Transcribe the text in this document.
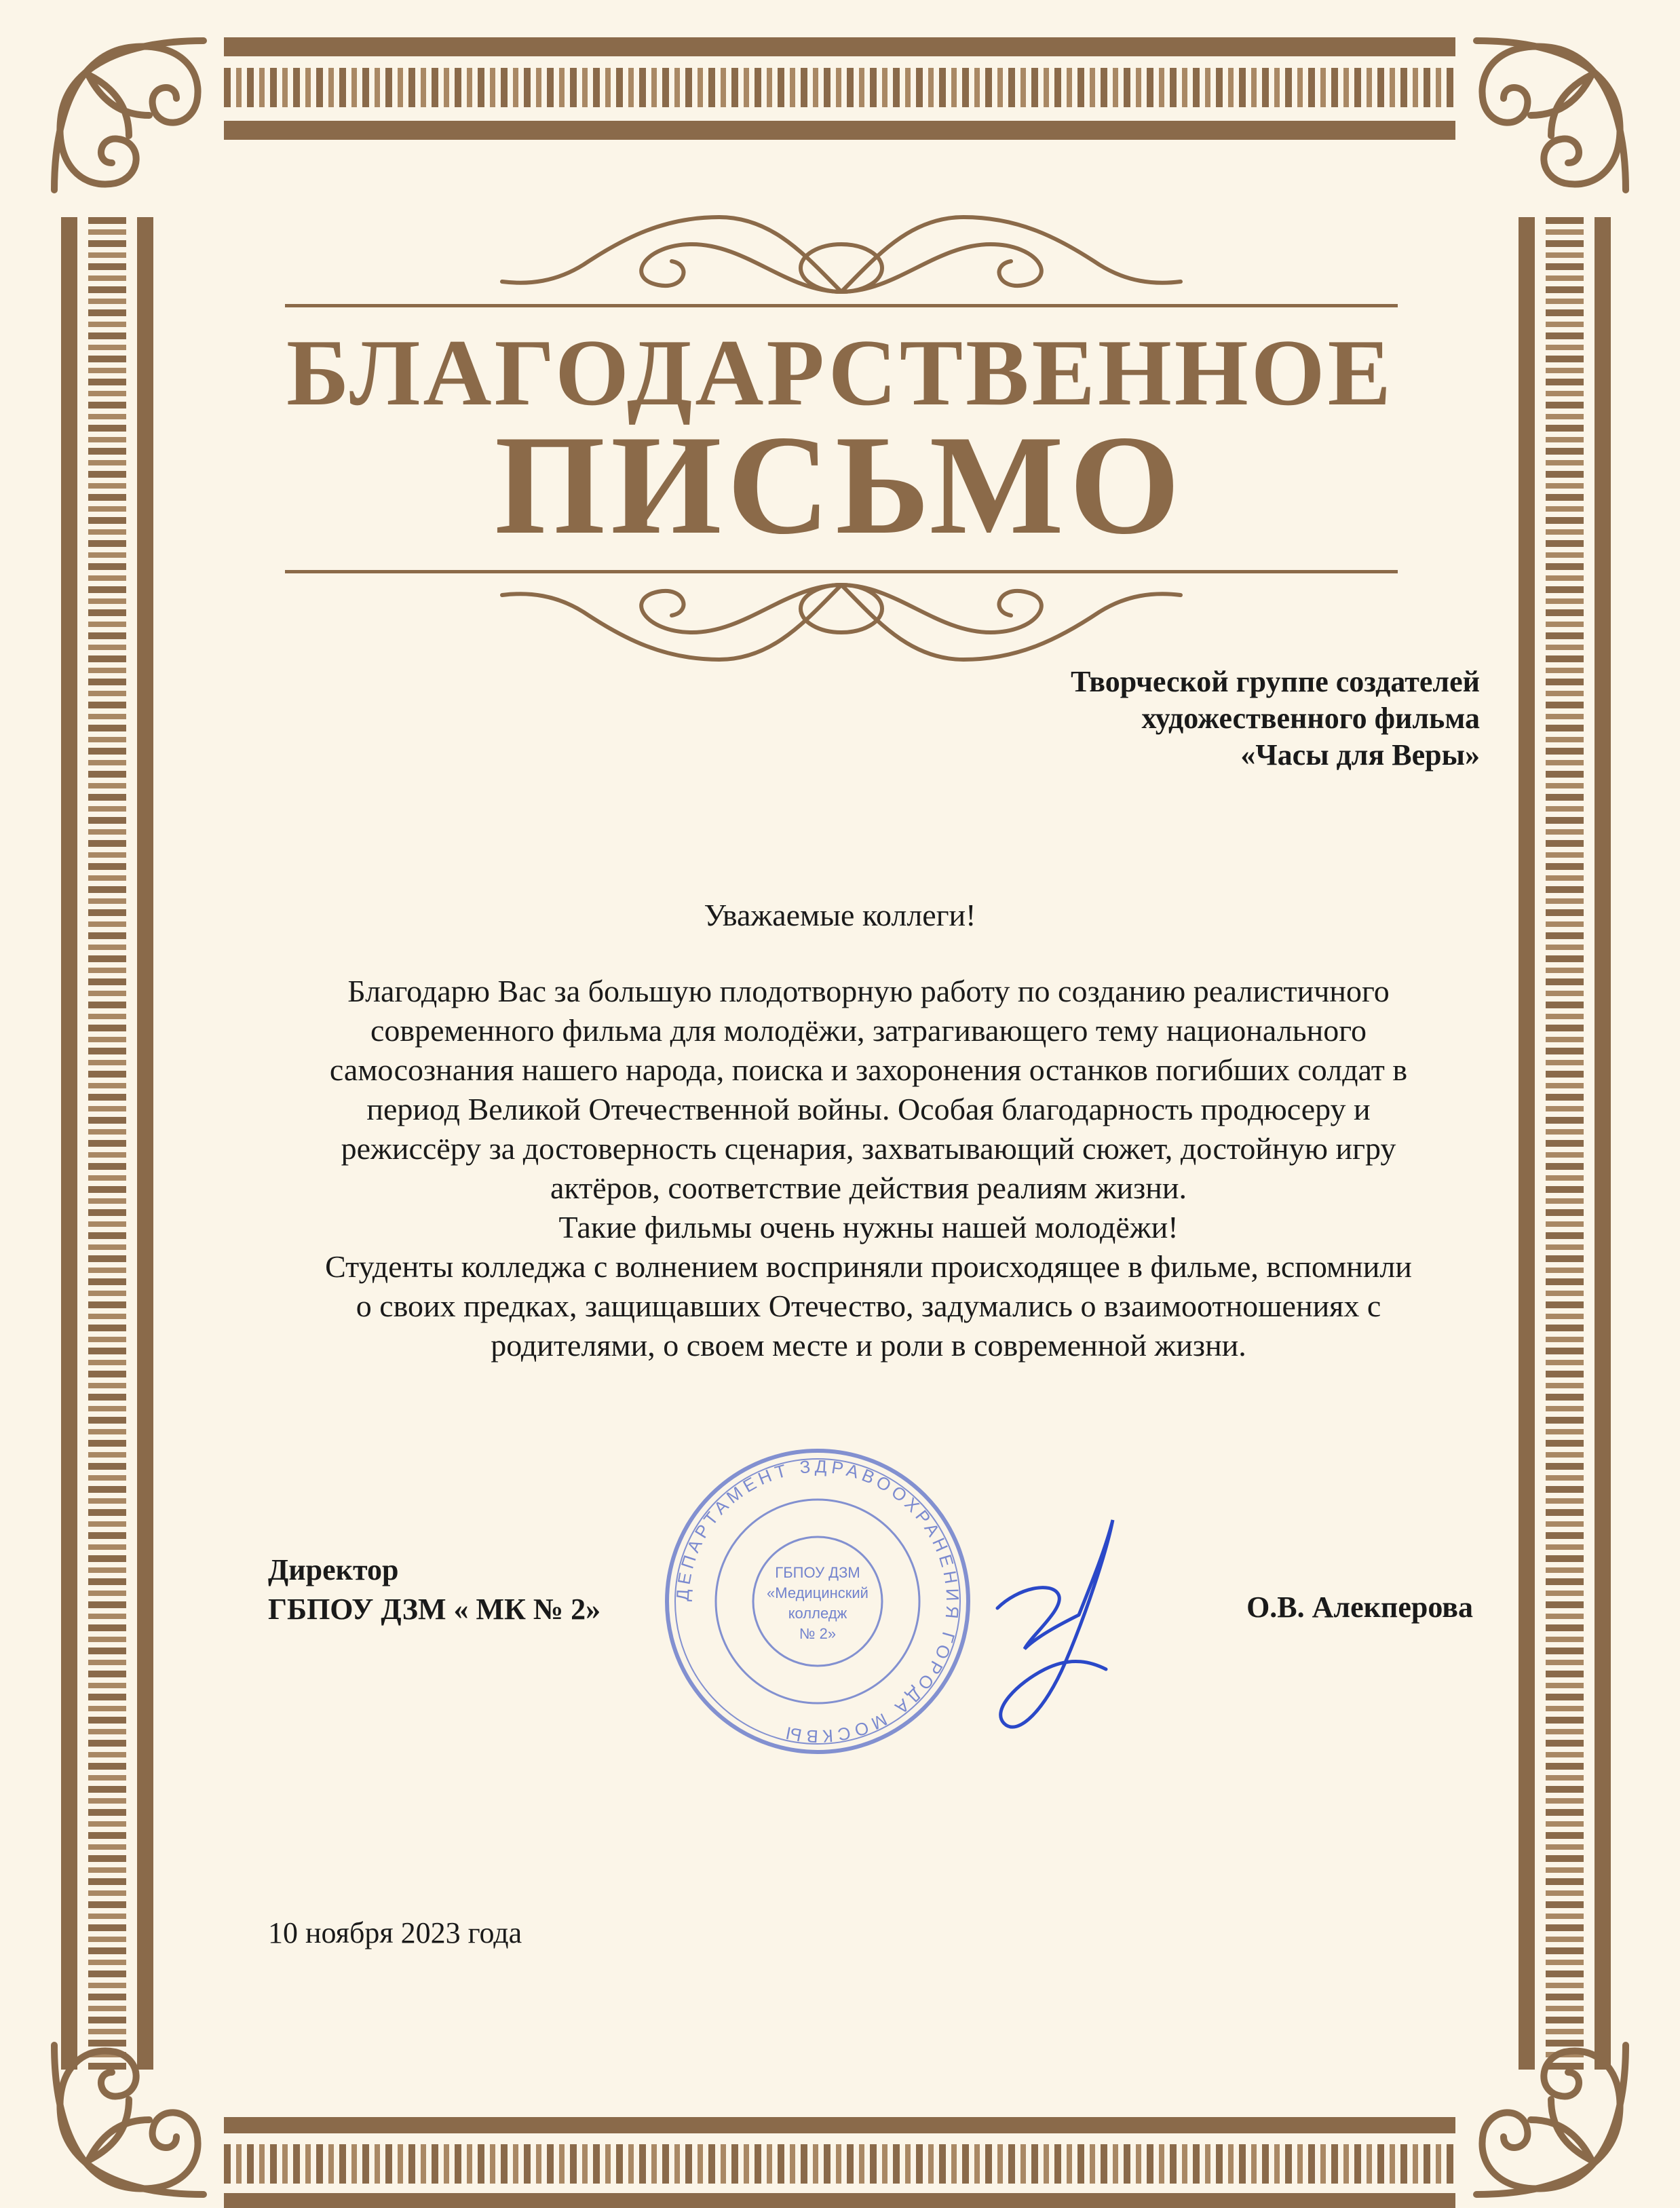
БЛАГОДАРСТВЕННОЕ
ПИСЬМО
Творческой группе создателей
художественного фильма
«Часы для Веры»
Уважаемые коллеги!

Благодарю Вас за большую плодотворную работу по созданию реалистичного

современного фильма для молодёжи, затрагивающего тему национального

самосознания нашего народа, поиска и захоронения останков погибших солдат в

период Великой Отечественной войны. Особая благодарность продюсеру и

режиссёру за достоверность сценария, захватывающий сюжет, достойную игру

актёров, соответствие действия реалиям жизни.

Такие фильмы очень нужны нашей молодёжи!

Студенты колледжа с волнением восприняли происходящее в фильме, вспомнили

о своих предках, защищавших Отечество, задумались о взаимоотношениях с

родителями, о своем месте и роли в современной жизни.

ДЕПАРТАМЕНТ ЗДРАВООХРАНЕНИЯ ГОРОДА МОСКВЫ
ГБПОУ ДЗМ
«Медицинский
колледж
№ 2»
Директор
ГБПОУ ДЗМ « МК № 2»	О.В. Алекперова
10 ноября 2023 года
